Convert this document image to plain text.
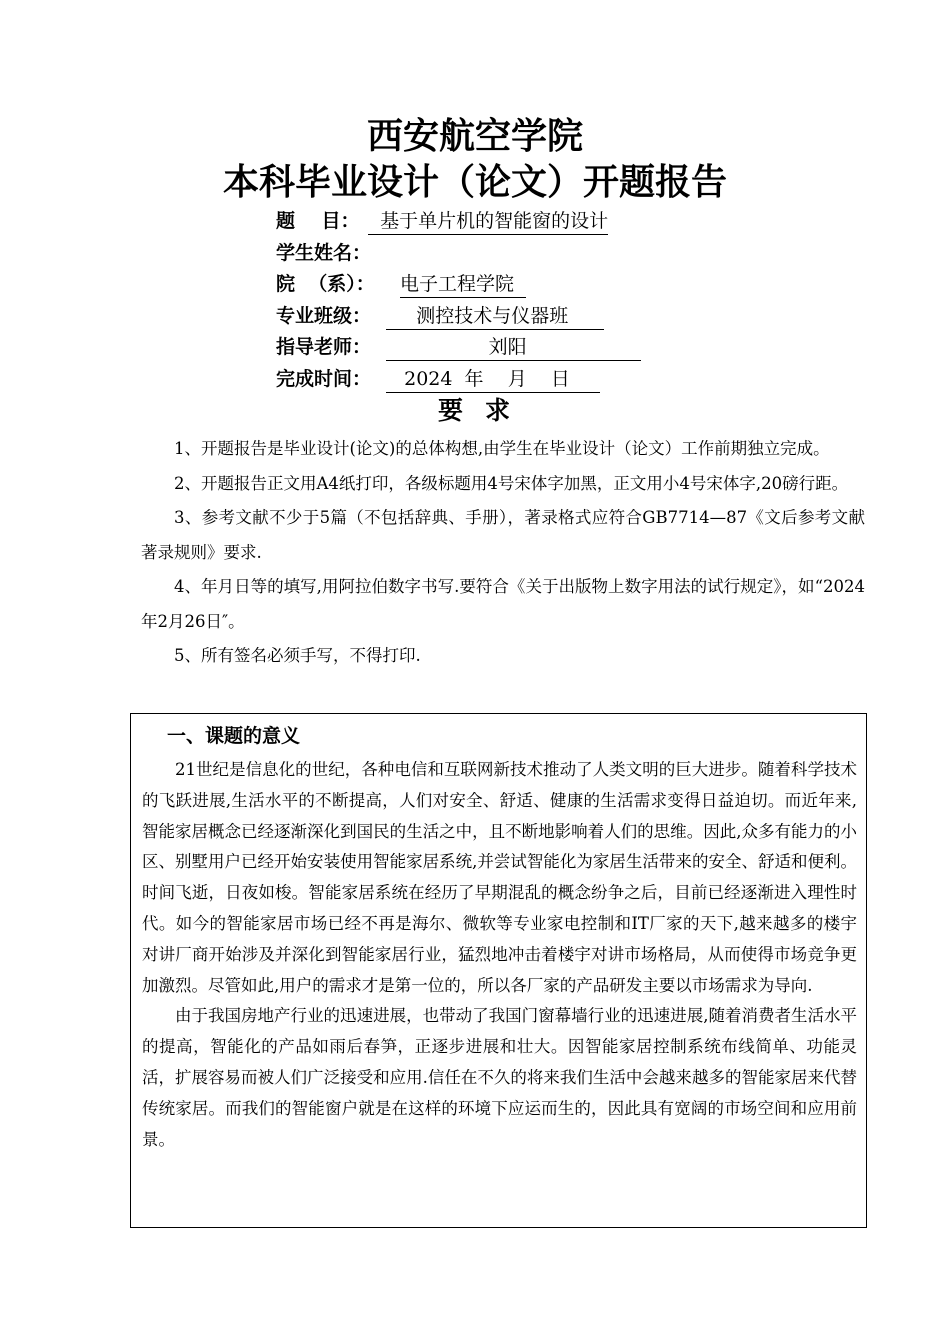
西安航空学院
本科毕业设计（论文）开题报告
题    目： 基于单片机的智能窗的设计
学生姓名：
院  （系）：	电子工程学院
专业班级： 测控技术与仪器班
指导老师： 刘阳
完成时间： 2024  年    月    日
要求

1、开题报告是毕业设计(论文)的总体构想,由学生在毕业设计（论文）工作前期独立完成。

2、开题报告正文用A4纸打印，各级标题用4号宋体字加黑，正文用小4号宋体字,20磅行距。

3、参考文献不少于5篇（不包括辞典、手册），著录格式应符合GB7714—87《文后参考文献著录规则》要求.

4、年月日等的填写,用阿拉伯数字书写.要符合《关于出版物上数字用法的试行规定》，如“2024年2月26日″。

5、所有签名必须手写，不得打印.

一、课题的意义

21世纪是信息化的世纪，各种电信和互联网新技术推动了人类文明的巨大进步。随着科学技术的飞跃进展,生活水平的不断提高，人们对安全、舒适、健康的生活需求变得日益迫切。而近年来,智能家居概念已经逐渐深化到国民的生活之中，且不断地影响着人们的思维。因此,众多有能力的小区、别墅用户已经开始安装使用智能家居系统,并尝试智能化为家居生活带来的安全、舒适和便利。  时间飞逝，日夜如梭。智能家居系统在经历了早期混乱的概念纷争之后，目前已经逐渐进入理性时代。如今的智能家居市场已经不再是海尔、微软等专业家电控制和IT厂家的天下,越来越多的楼宇对讲厂商开始涉及并深化到智能家居行业，猛烈地冲击着楼宇对讲市场格局，从而使得市场竞争更加激烈。尽管如此,用户的需求才是第一位的，所以各厂家的产品研发主要以市场需求为导向.

由于我国房地产行业的迅速进展，也带动了我国门窗幕墙行业的迅速进展,随着消费者生活水平的提高，智能化的产品如雨后春笋，正逐步进展和壮大。因智能家居控制系统布线简单、功能灵活，扩展容易而被人们广泛接受和应用.信任在不久的将来我们生活中会越来越多的智能家居来代替传统家居。而我们的智能窗户就是在这样的环境下应运而生的，因此具有宽阔的市场空间和应用前景。
